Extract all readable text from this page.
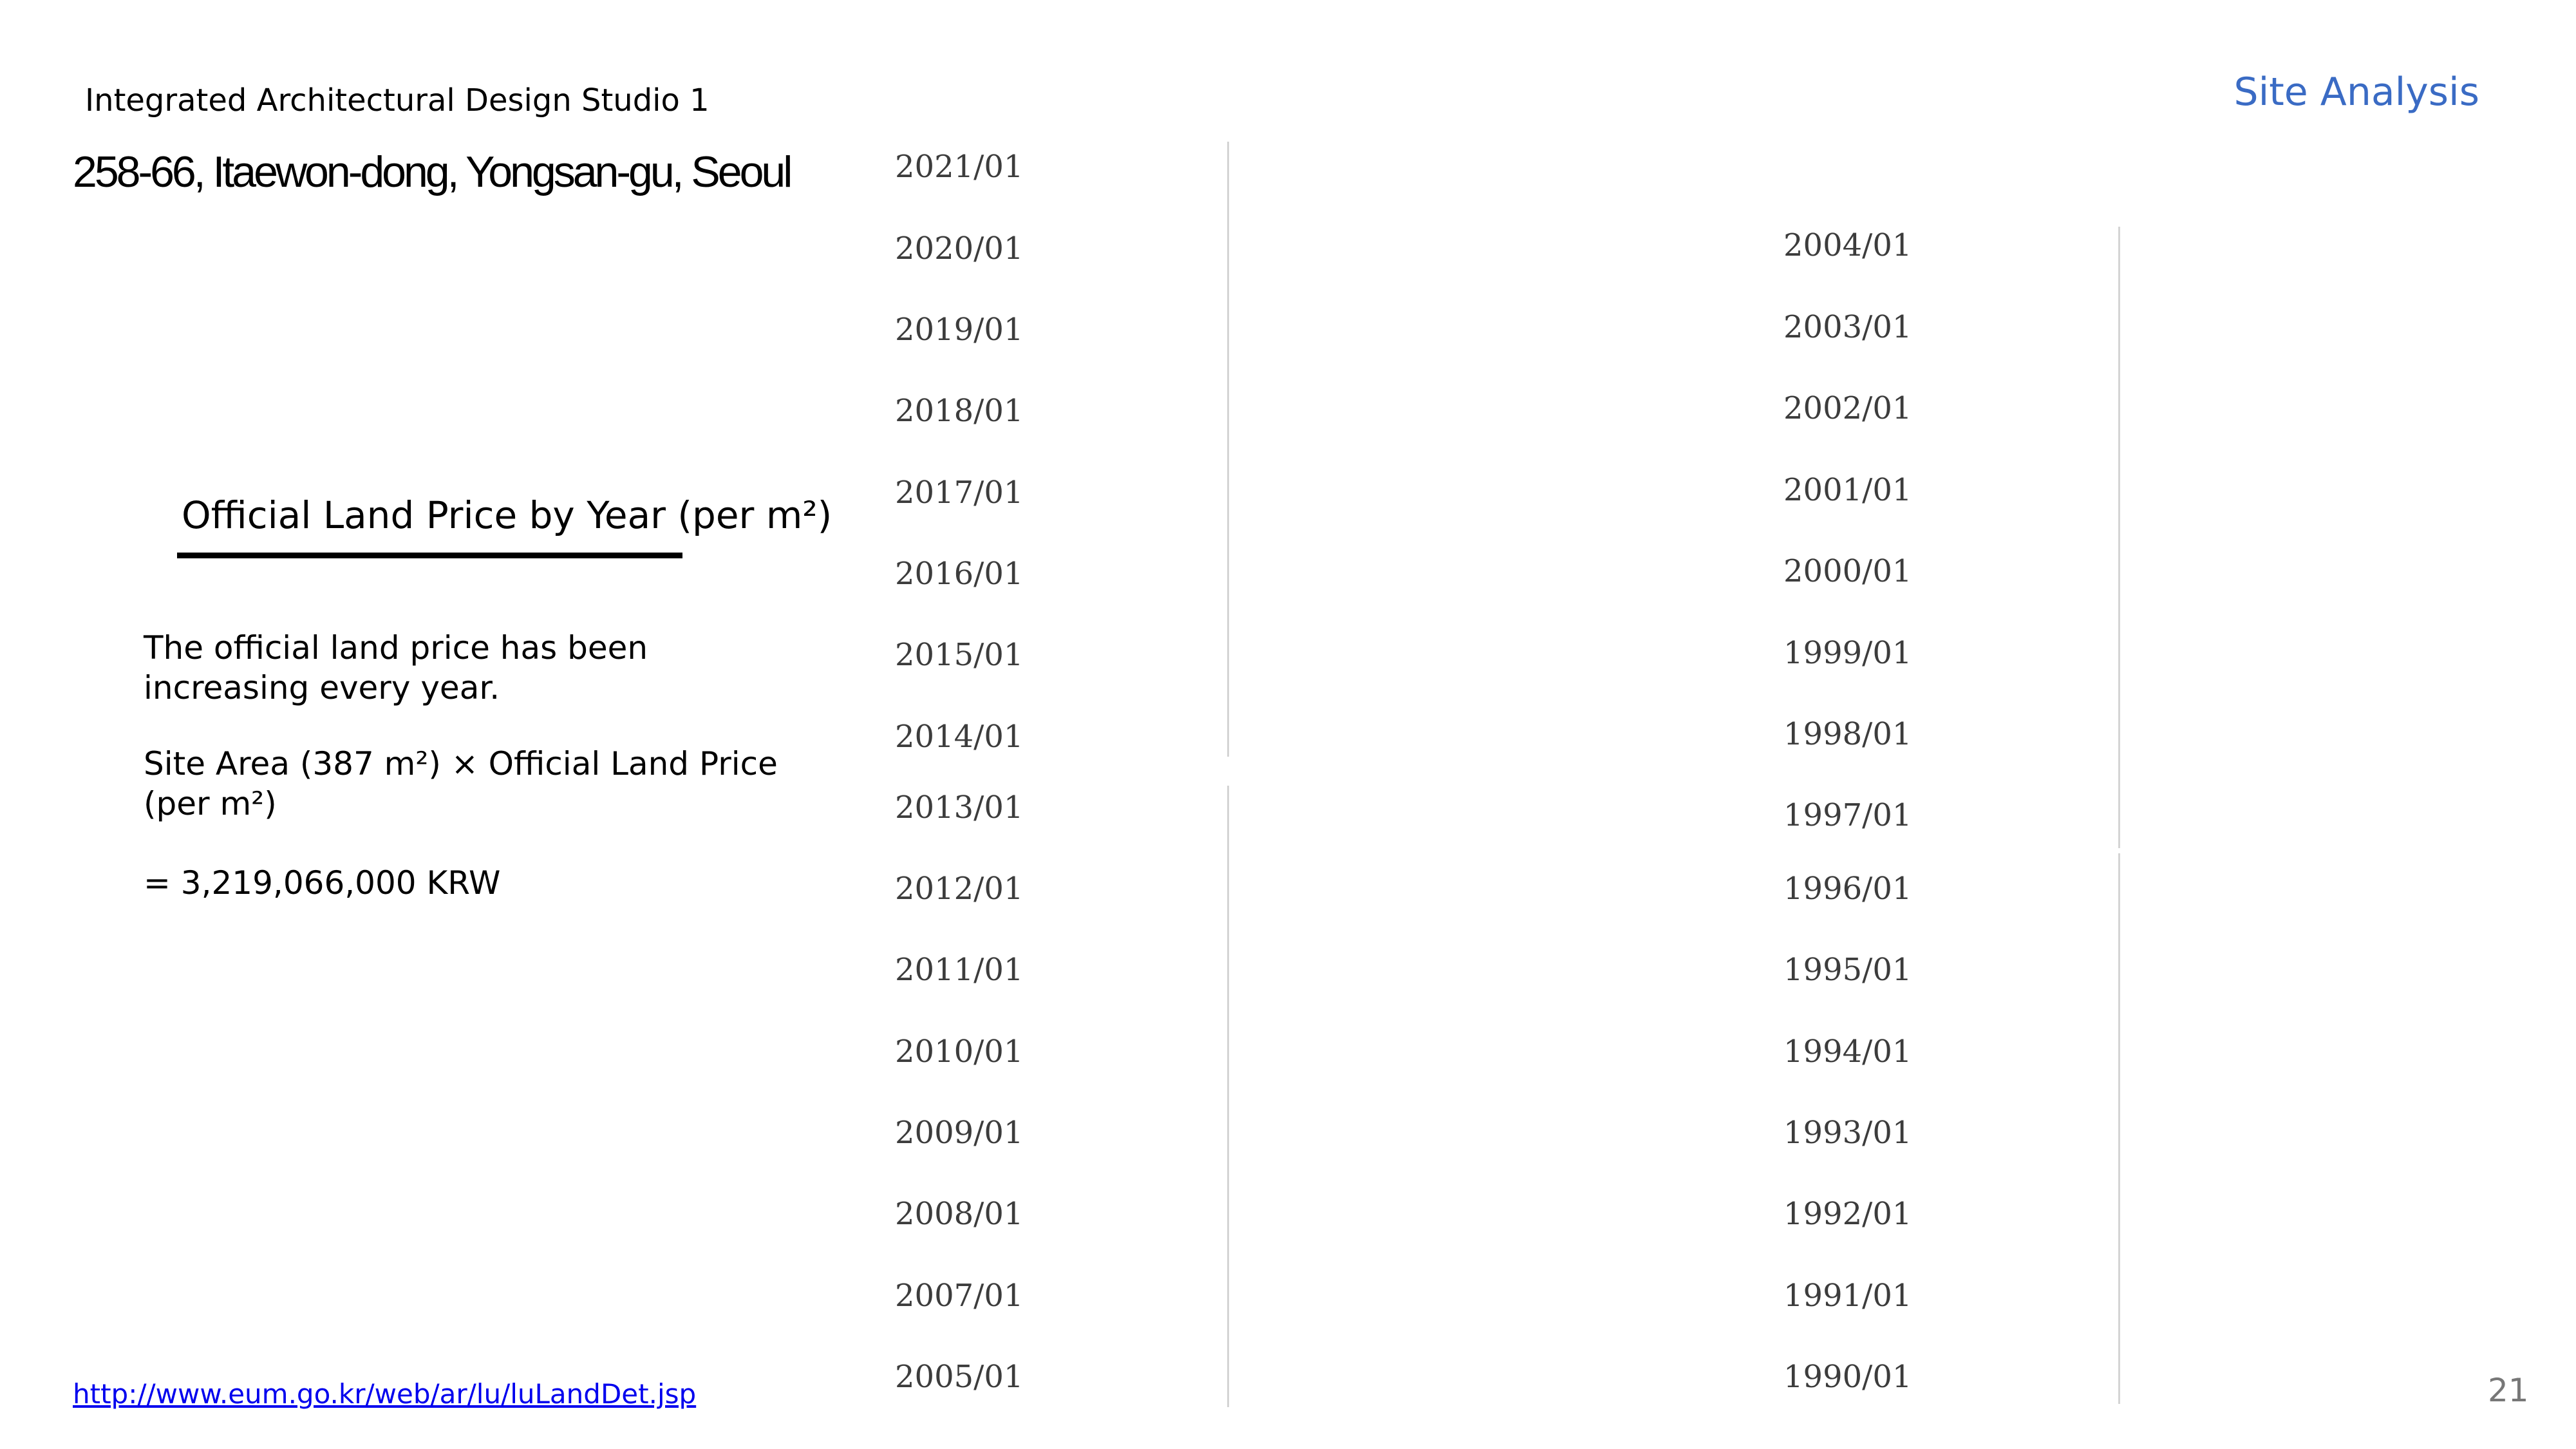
Integrated Architectural Design Studio 1
258-66, Itaewon-dong, Yongsan-gu, Seoul
Site Analysis
Official Land Price by Year (per m²)
The official land price has been increasing every year.
Site Area (387 m²) × Official Land Price (per m²)
= 3,219,066,000 KRW
2021/01
2020/01
2019/01
2018/01
2017/01
2016/01
2015/01
2014/01
2013/01
2012/01
2011/01
2010/01
2009/01
2008/01
2007/01
2005/01
2004/01
2003/01
2002/01
2001/01
2000/01
1999/01
1998/01
1997/01
1996/01
1995/01
1994/01
1993/01
1992/01
1991/01
1990/01
http://www.eum.go.kr/web/ar/lu/luLandDet.jsp	21
